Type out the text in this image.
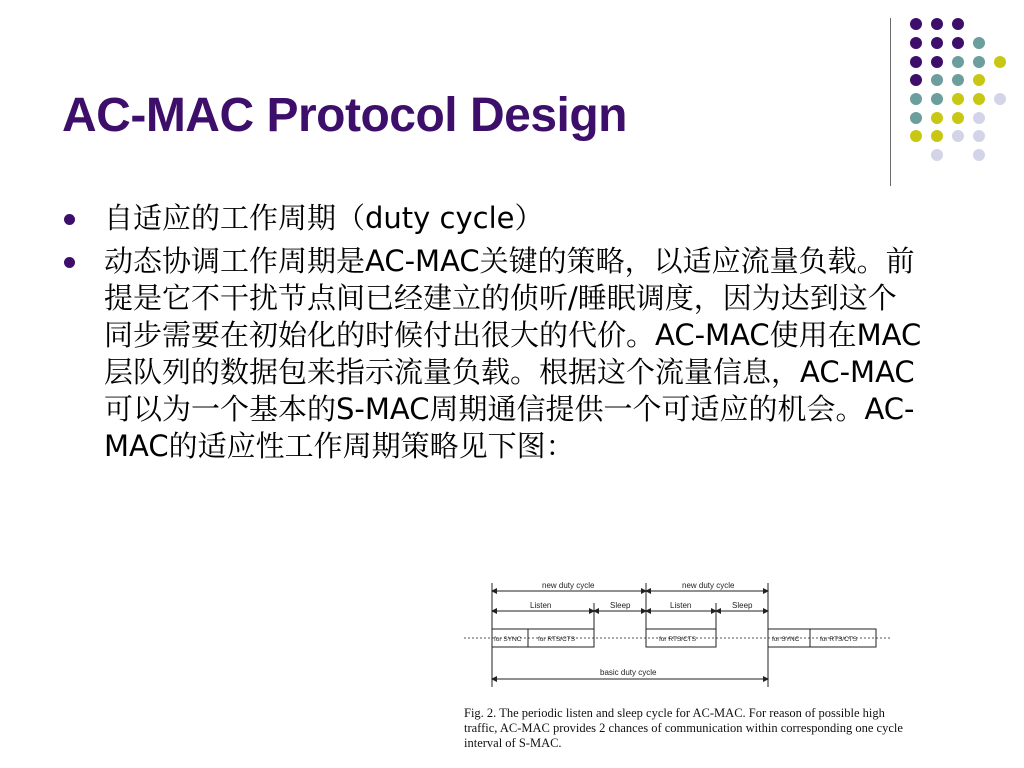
AC-MAC Protocol Design
自适应的工作周期（duty cycle）
动态协调工作周期是AC-MAC关键的策略，以适应流量负载。前提是它不干扰节点间已经建立的侦听/睡眠调度，因为达到这个同步需要在初始化的时候付出很大的代价。AC-MAC使用在MAC层队列的数据包来指示流量负载。根据这个流量信息，AC-MAC可以为一个基本的S-MAC周期通信提供一个可适应的机会。AC-MAC的适应性工作周期策略见下图：
new duty cycle	new duty cycle
Listen	Sleep	Listen	Sleep
for SYNC	for RTS/CTS	for RTS/CTS	for SYNC	for RTS/CTS
basic duty cycle
Fig. 2. The periodic listen and sleep cycle for AC-MAC. For reason of possible high traffic, AC-MAC provides 2 chances of communication within corresponding one cycle interval of S-MAC.
